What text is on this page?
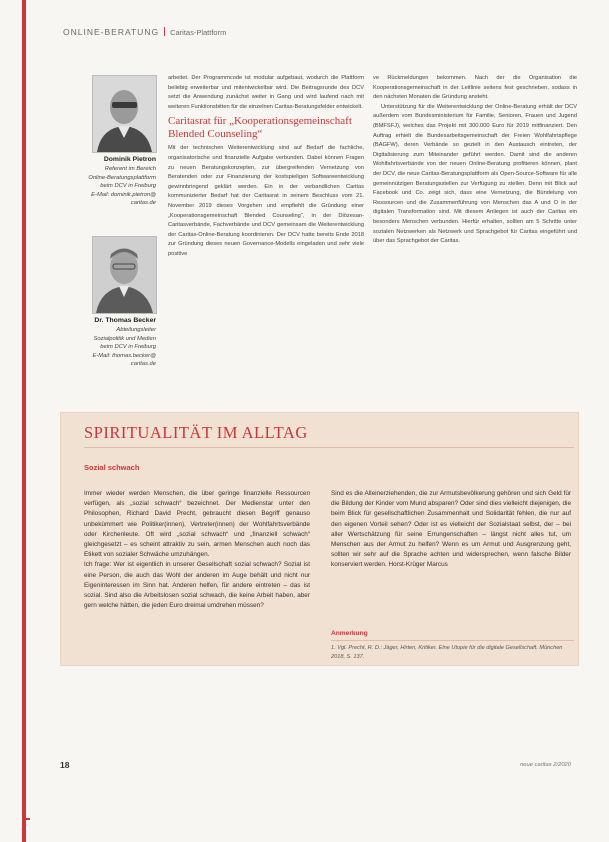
ONLINE-BERATUNG Caritas-Plattform
Dominik Pietron
Referent im Bereich
Online-Beratungsplattform
beim DCV in Freiburg
E-Mail: dominik.pietron@
caritas.de
Dr. Thomas Becker
Abteilungsleiter
Sozialpolitik und Medien
beim DCV in Freiburg
E-Mail: thomas.becker@
caritas.de

arbeitet. Der Programmcode ist modular aufgebaut, wodurch die Plattform beliebig erweiterbar und mitentwickelbar wird. Die Beitragsrunde des DCV setzt die Anwendung zunächst weiter in Gang und wird laufend nach mit weiteren Funktionsbitten für die einzelnen Caritas-Beratungsfelder entwickelt.

Caritasrat für „Kooperationsgemeinschaft Blended Counseling“

Mit der technischen Weiterentwicklung sind auf Bedarf die fachliche, organisatorische und finanzielle Aufgabe verbunden. Dabei können Fragen zu neuen Beratungskonzepten, zur übergreifenden Vernetzung von Beratenden oder zur Finanzierung der kostspieligen Softwareentwicklung gewinnbringend geklärt werden. Ein in der verbandlichen Caritas kommunizierter Bedarf hat der Caritasrat in seinem Beschluss vom 21. November 2019 dieses Vorgehen und empfiehlt die Gründung einer „Kooperationsgemeinschaft Blended Counseling“, in der Diözesan-Caritasverbände, Fachverbände und DCV gemeinsam die Weiterentwicklung der Caritas-Online-Beratung koordinieren. Der DCV hatte bereits Ende 2018 zur Gründung dieses neuen Governance-Modells eingeladen und sehr viele positive

ve Rückmeldungen bekommen. Nach der die Organisation die Kooperationsgemeinschaft in der Leitlinie seitens fest geschrieben, sodass in den nächsten Monaten die Gründung ansteht.

Unterstützung für die Weiterentwicklung der Online-Beratung erhält der DCV außerdem vom Bundesministerium für Familie, Senioren, Frauen und Jugend (BMFSFJ), welches das Projekt mit 300.000 Euro für 2019 mitfinanziert. Den Auftrag erhielt die Bundesarbeitsgemeinschaft der Freien Wohlfahrtspflege (BAGFW), deren Verbände so gezielt in den Austausch eintreten, der Digitalisierung zum Miteinander geführt werden. Damit sind die anderen Wohlfahrtsverbände von der neuen Online-Beratung profitieren können, plant der DCV, die neue Caritas-Beratungsplattform als Open-Source-Software für alle gemeinnützigen Beratungsstellen zur Verfügung zu stellen. Denn mit Blick auf Facebook und Co. zeigt sich, dass eine Vernetzung, die Bündelung von Ressourcen und die Zusammenführung von Menschen das A und O in der digitalen Transformation sind. Mit diesem Anliegen ist auch der Caritas ein besonders Menschen verbunden. Hierfür erhalten, sollten am 5 Schritte unter sozialen Netzwerken als Netzwerk und Sprachgebot für Caritas eingeführt und über das Sprachgebot der Caritas.

SPIRITUALITÄT IM ALLTAG
Sozial schwach

Immer wieder werden Menschen, die über geringe finanzielle Ressourcen verfügen, als „sozial schwach“ bezeichnet. Der Medienstar unter den Philosophen, Richard David Precht, gebraucht diesen Begriff genauso unbekümmert wie Politiker(innen), Vertreter(innen) der Wohlfahrtsverbände oder Kirchenleute. Oft wird „sozial schwach“ und „finanziell schwach“ gleichgesetzt – es scheint attraktiv zu sein, armen Menschen auch noch das Etikett von sozialer Schwäche umzuhängen.

Ich frage: Wer ist eigentlich in unserer Gesellschaft sozial schwach? Sozial ist eine Person, die auch das Wohl der anderen im Auge behält und nicht nur Eigeninteressen im Sinn hat. Anderen helfen, für andere eintreten – das ist sozial. Sind also die Arbeitslosen sozial schwach, die keine Arbeit haben, aber gern welche hätten, die jeden Euro dreimal umdrehen müssen?

Sind es die Alleinerziehenden, die zur Armutsbevölkerung gehören und sich Geld für die Bildung der Kinder vom Mund absparen? Oder sind dies vielleicht diejenigen, die beim Blick für gesellschaftlichen Zusammenhalt und Solidarität fehlen, die nur auf den eigenen Vorteil sehen? Oder ist es vielleicht der Sozialstaat selbst, der – bei aller Wertschätzung für seine Errungenschaften – längst nicht alles tut, um Menschen aus der Armut zu helfen? Wenn es um Armut und Ausgrenzung geht, sollten wir sehr auf die Sprache achten und widersprechen, wenn falsche Bilder konserviert werden. Horst-Krüger Marcus

Anmerkung
1. Vgl. Precht, R. D.: Jäger, Hirten, Kritiker. Eine Utopie für die digitale Gesellschaft. München 2018, S. 137.
18	neue caritas 2/2020
